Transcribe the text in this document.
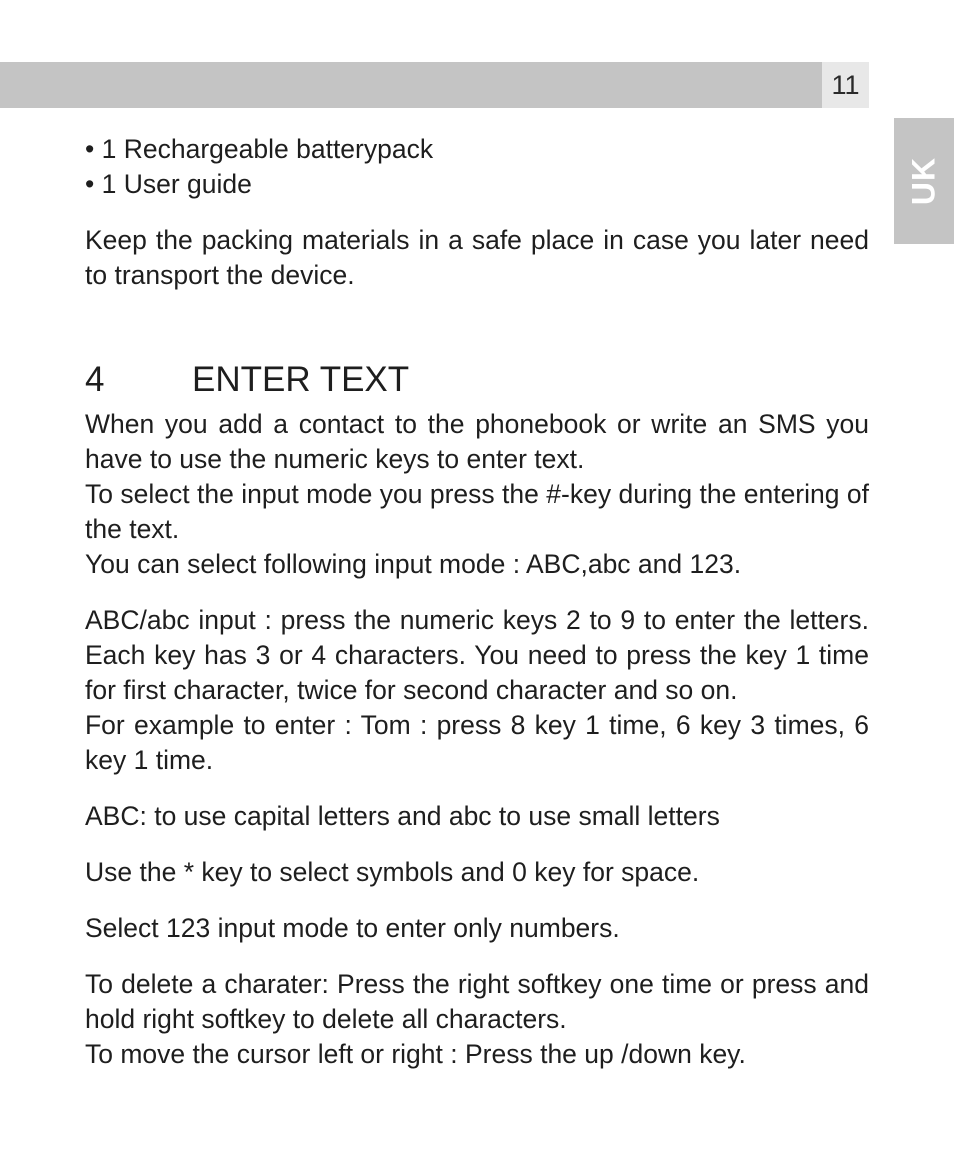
11
UK
• 1 Rechargeable batterypack
• 1 User guide

Keep the packing materials in a safe place in case you later need to transport the device.

4	ENTER TEXT

When you add a contact to the phonebook or write an SMS you have to use the numeric keys to enter text.

To select the input mode you press the #-key during the entering of the text.

You can select following input mode : ABC,abc and 123.

ABC/abc input : press the numeric keys 2 to 9 to enter the letters. Each key has 3 or 4 characters. You need to press the key 1 time for first character, twice for second character and so on.

For example to enter : Tom : press 8 key 1 time, 6 key 3 times, 6 key 1 time.

ABC: to use capital letters and abc to use small letters

Use the * key to select symbols and 0 key for space.

Select 123 input mode to enter only numbers.

To delete a charater: Press the right softkey one time or press and hold right softkey to delete all characters.

To move the cursor left or right : Press the up /down key.
